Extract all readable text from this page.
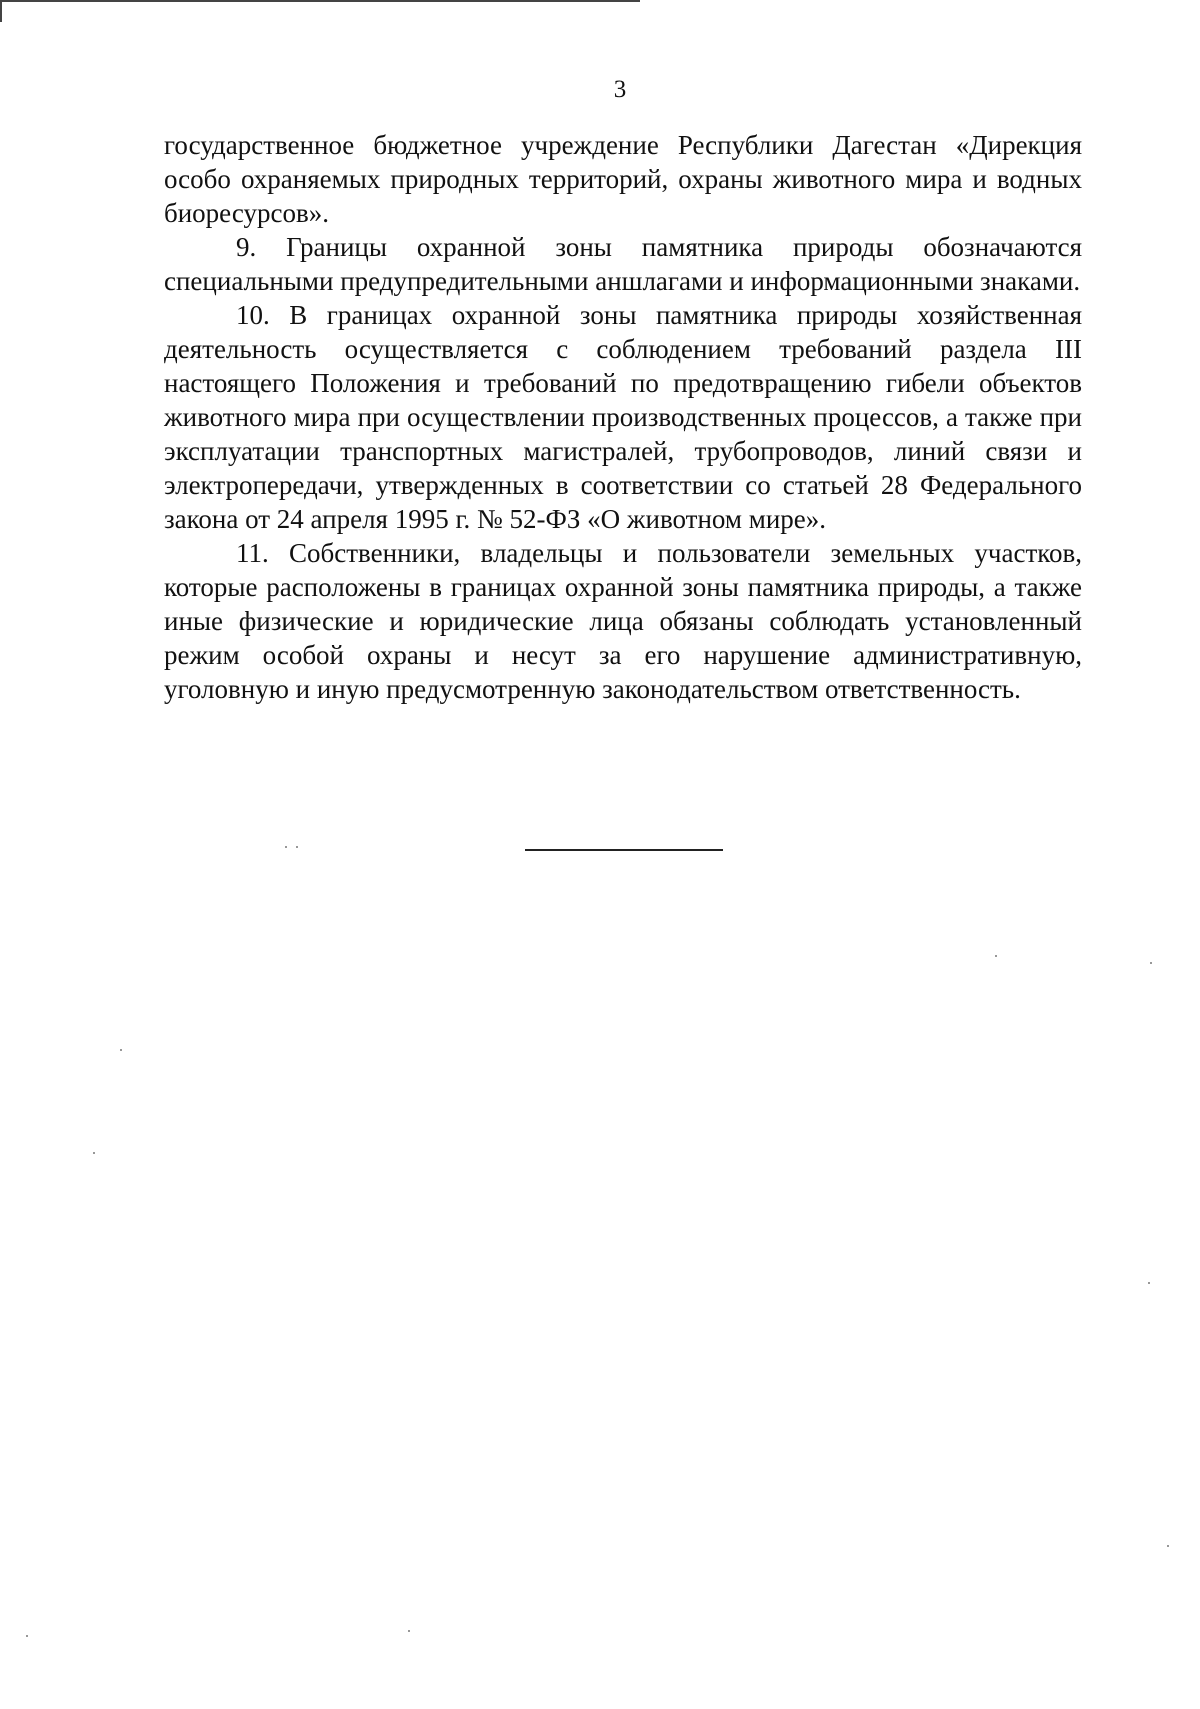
3

государственное бюджетное учреждение Республики Дагестан «Дирекция особо охраняемых природных территорий, охраны животного мира и водных биоресурсов».

9. Границы охранной зоны памятника природы обозначаются специальными предупредительными аншлагами и информационными знаками.

10. В границах охранной зоны памятника природы хозяйственная деятельность осуществляется с соблюдением требований раздела III настоящего Положения и требований по предотвращению гибели объектов животного мира при осуществлении производственных процессов, а также при эксплуатации транспортных магистралей, трубопроводов, линий связи и электропередачи, утвержденных в соответствии со статьей 28 Федерального закона от 24 апреля 1995 г. № 52-ФЗ «О животном мире».

11. Собственники, владельцы и пользователи земельных участков, которые расположены в границах охранной зоны памятника природы, а также иные физические и юридические лица обязаны соблюдать установленный режим особой охраны и несут за его нарушение административную, уголовную и иную предусмотренную законодательством ответственность.
